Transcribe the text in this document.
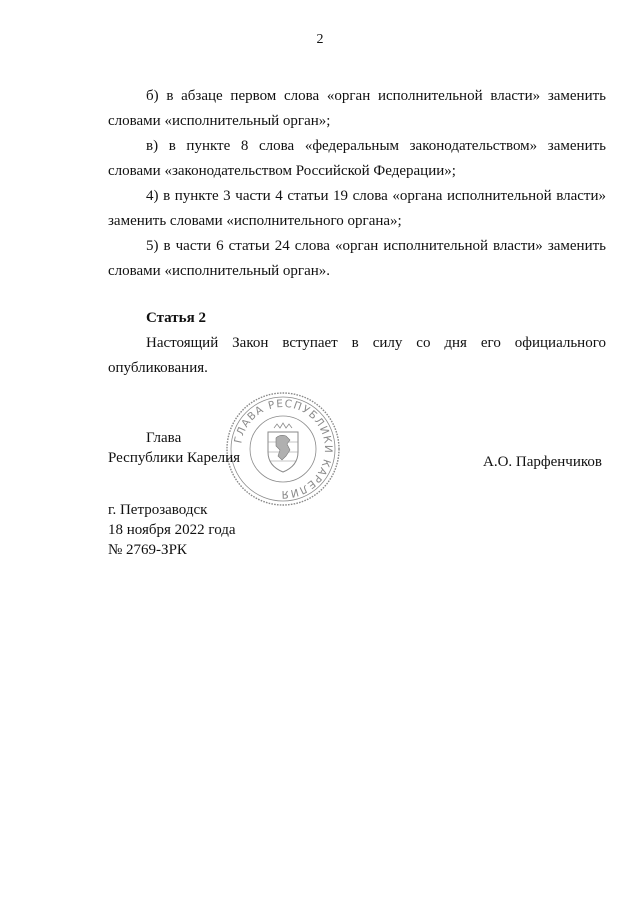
2

б) в абзаце первом слова «орган исполнительной власти» заменить словами «исполнительный орган»;

в) в пункте 8 слова «федеральным законодательством» заменить словами «законодательством Российской Федерации»;

4) в пункте 3 части 4 статьи 19 слова «органа исполнительной власти» заменить словами «исполнительного органа»;

5) в части 6 статьи 24 слова «орган исполнительной власти» заменить словами «исполнительный орган».

Статья 2

Настоящий Закон вступает в силу со дня его официального опубликования.

ГЛАВА РЕСПУБЛИКИ КАРЕЛИЯ
Глава
Республики Карелия	А.О. Парфенчиков
г. Петрозаводск
18 ноября 2022 года
№ 2769-ЗРК
